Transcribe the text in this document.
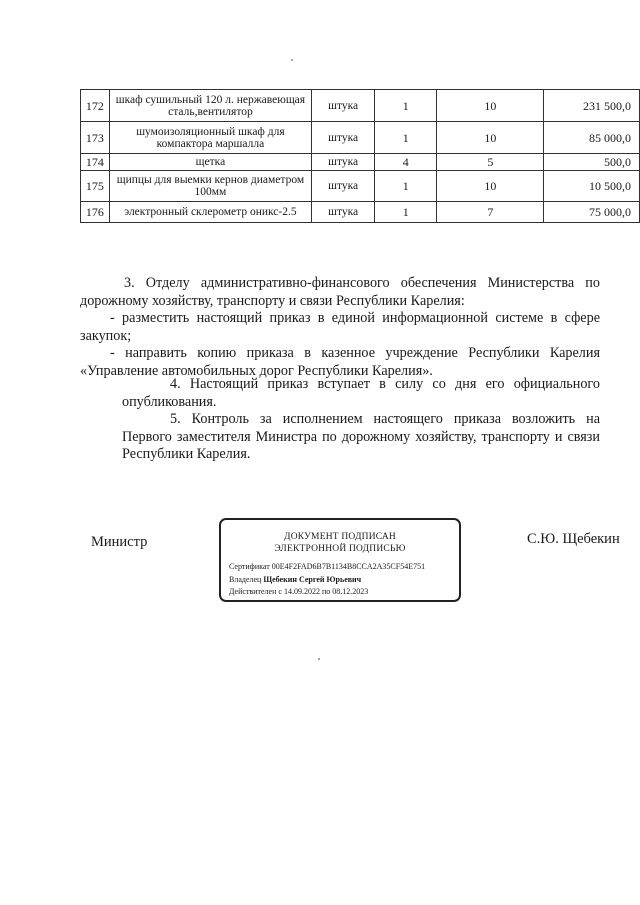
172	шкаф сушильный 120 л. нержавеющая сталь,вентилятор	штука	1	10	231 500,0
173	шумоизоляционный шкаф для компактора маршалла	штука	1	10	85 000,0
174	щетка	штука	4	5	500,0
175	щипцы для выемки кернов диаметром 100мм	штука	1	10	10 500,0
176	электронный склерометр оникс-2.5	штука	1	7	75 000,0

3. Отделу административно-финансового обеспечения Министерства по дорожному хозяйству, транспорту и связи Республики Карелия:

- разместить настоящий приказ в единой информационной системе в сфере закупок;

- направить копию приказа в казенное учреждение Республики Карелия «Управление автомобильных дорог Республики Карелия».

4. Настоящий приказ вступает в силу со дня его официального опубликования.

5. Контроль за исполнением настоящего приказа возложить на Первого заместителя Министра по дорожному хозяйству, транспорту и связи Республики Карелия.

Министр	ДОКУМЕНТ ПОДПИСАН
ЭЛЕКТРОННОЙ ПОДПИСЬЮ
Сертификат 00E4F2FAD6B7B1134B8CCA2A35CF54E751
Владелец Щебекин Сергей Юрьевич
Действителен с 14.09.2022 по 08.12.2023
С.Ю. Щебекин
